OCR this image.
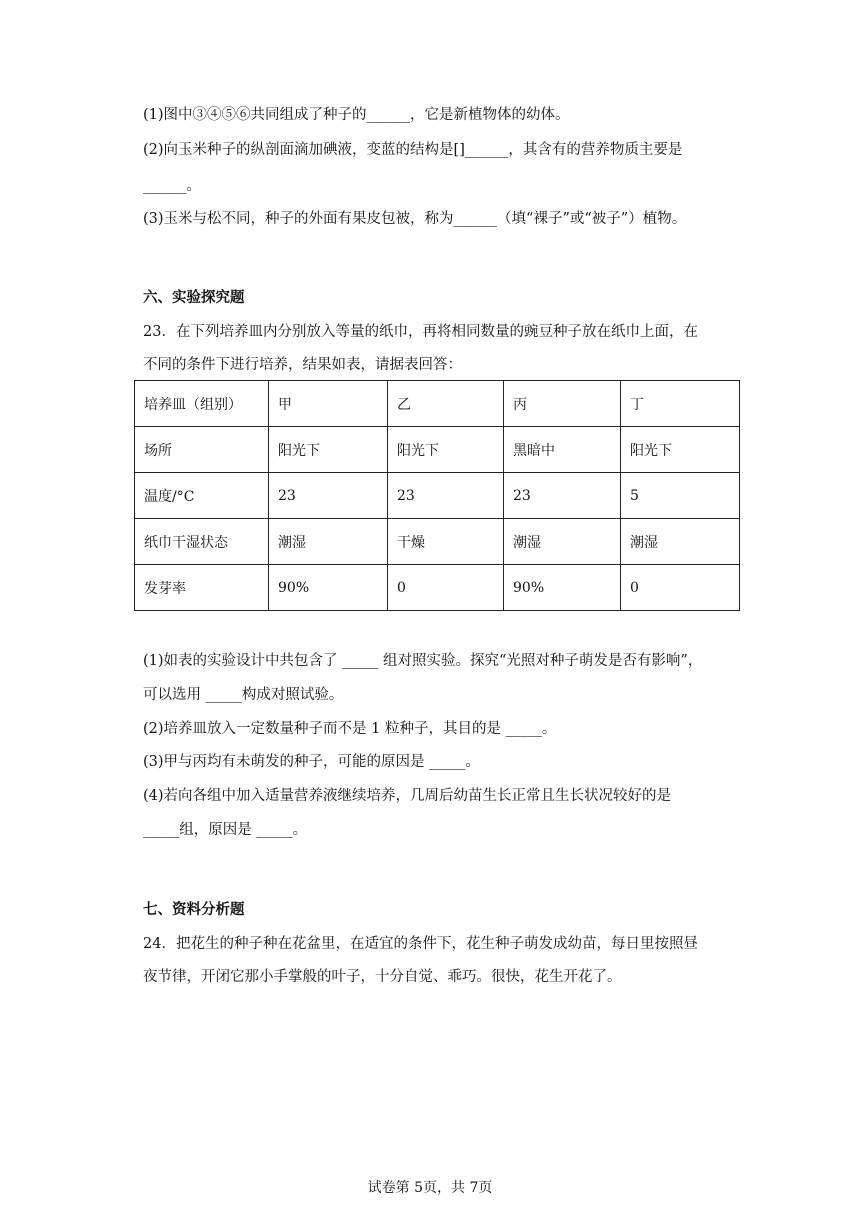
(1)图中③④⑤⑥共同组成了种子的______，它是新植物体的幼体。
(2)向玉米种子的纵剖面滴加碘液，变蓝的结构是[]______，其含有的营养物质主要是
______。
(3)玉米与松不同，种子的外面有果皮包被，称为______（填“裸子”或“被子”）植物。
六、实验探究题
23．在下列培养皿内分别放入等量的纸巾，再将相同数量的豌豆种子放在纸巾上面，在
不同的条件下进行培养，结果如表，请据表回答：
培养皿（组别）	甲	乙	丙	丁
场所	阳光下	阳光下	黑暗中	阳光下
温度/°C	23	23	23	5
纸巾干湿状态	潮湿	干燥	潮湿	潮湿
发芽率	90%	0	90%	0
(1)如表的实验设计中共包含了 _____ 组对照实验。探究“光照对种子萌发是否有影响”，
可以选用 _____构成对照试验。
(2)培养皿放入一定数量种子而不是 1 粒种子，其目的是 _____。
(3)甲与丙均有未萌发的种子，可能的原因是 _____。
(4)若向各组中加入适量营养液继续培养，几周后幼苗生长正常且生长状况较好的是
_____组，原因是 _____。
七、资料分析题
24．把花生的种子种在花盆里，在适宜的条件下，花生种子萌发成幼苗，每日里按照昼
夜节律，开闭它那小手掌般的叶子，十分自觉、乖巧。很快，花生开花了。
试卷第 5页，共 7页
